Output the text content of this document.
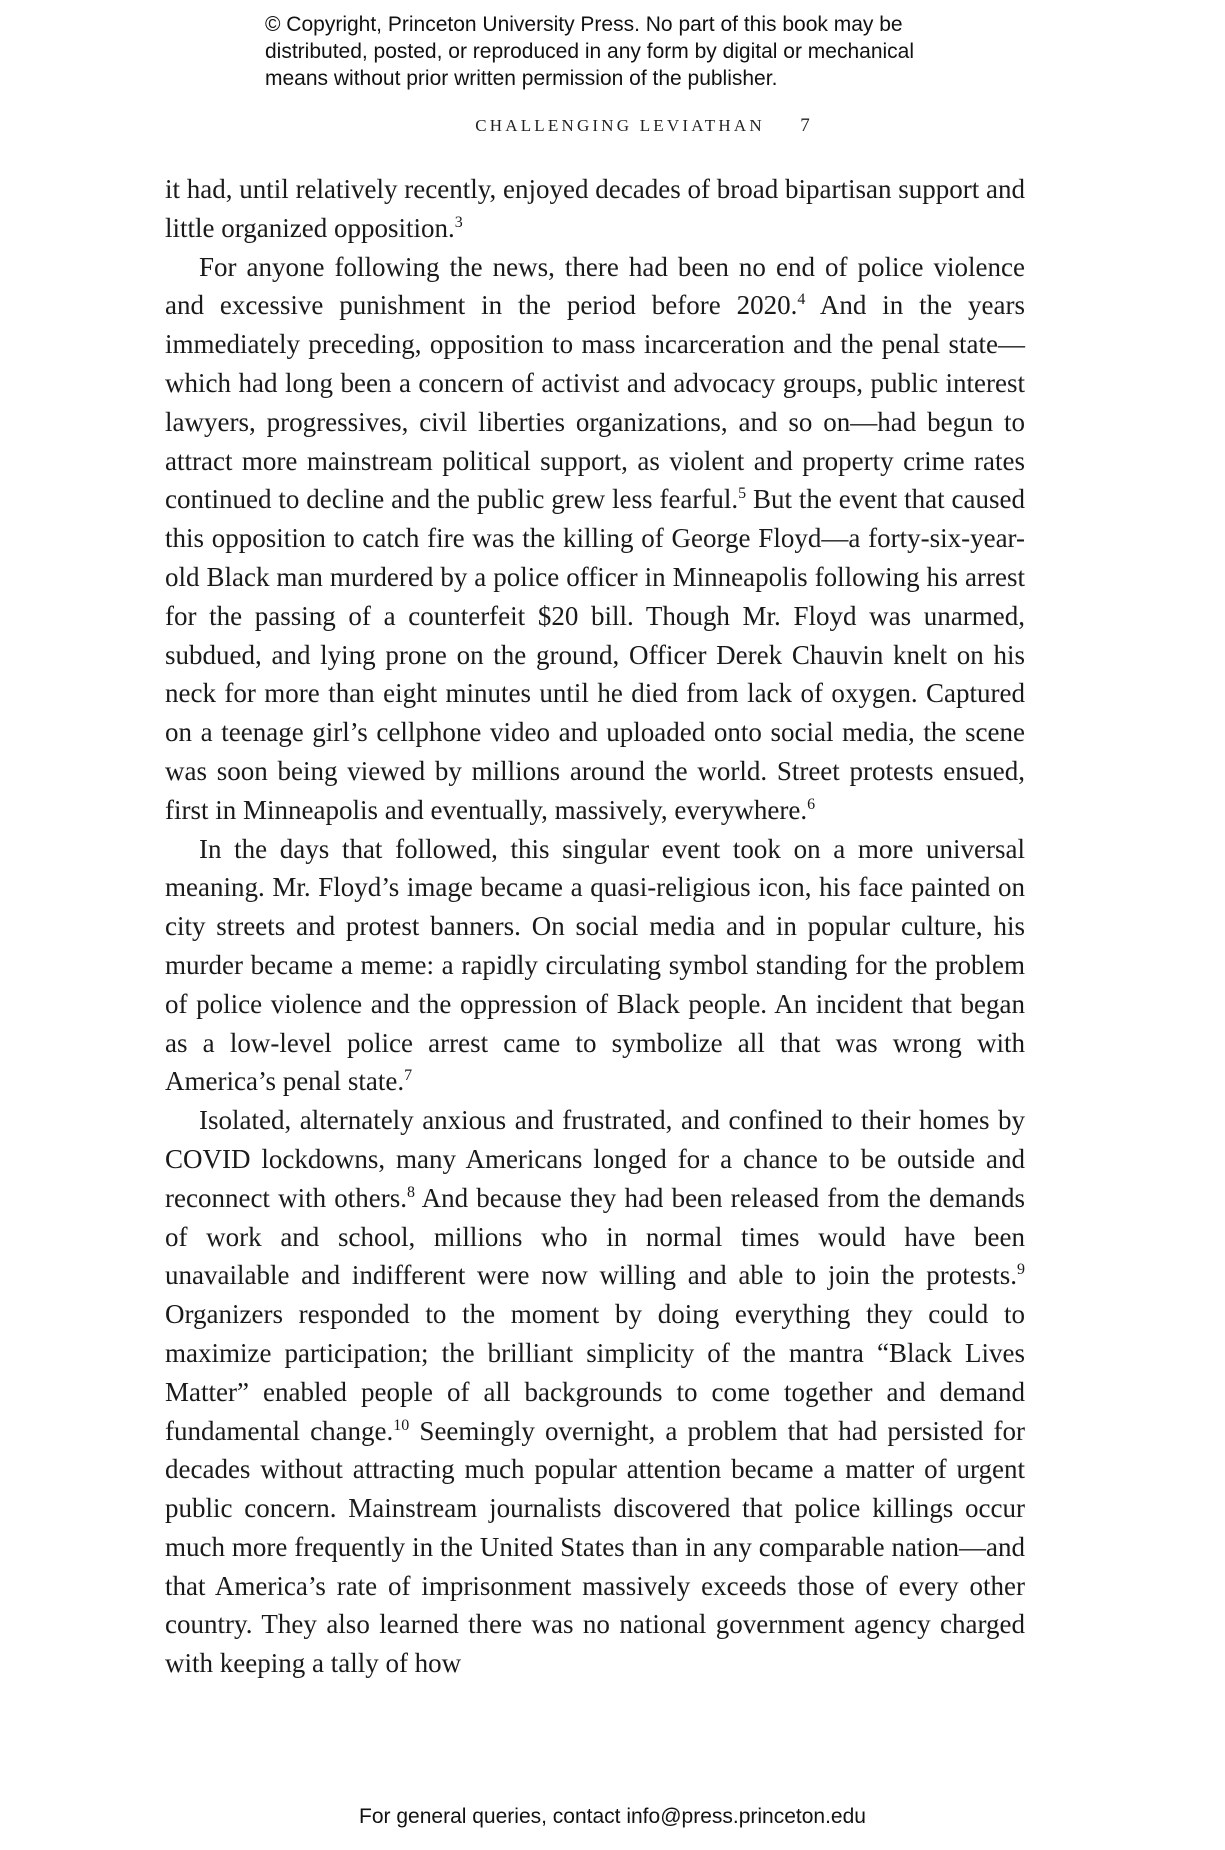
© Copyright, Princeton University Press. No part of this book may be
distributed, posted, or reproduced in any form by digital or mechanical
means without prior written permission of the publisher.
CHALLENGING LEVIATHAN 7

it had, until relatively recently, enjoyed decades of broad bipartisan support and little organized opposition.$^3$

For anyone following the news, there had been no end of police violence and excessive punishment in the period before 2020.$^4$ And in the years immediately preceding, opposition to mass incarceration and the penal state—which had long been a concern of activist and advocacy groups, public interest lawyers, progressives, civil liberties organizations, and so on—had begun to attract more mainstream political support, as violent and property crime rates continued to decline and the public grew less fearful.$^5$ But the event that caused this opposition to catch fire was the killing of George Floyd—a forty-six-year-old Black man murdered by a police officer in Minneapolis following his arrest for the passing of a counterfeit $20 bill. Though Mr. Floyd was unarmed, subdued, and lying prone on the ground, Officer Derek Chauvin knelt on his neck for more than eight minutes until he died from lack of oxygen. Captured on a teenage girl’s cellphone video and uploaded onto social media, the scene was soon being viewed by millions around the world. Street protests ensued, first in Minneapolis and eventually, massively, everywhere.$^6$

In the days that followed, this singular event took on a more universal meaning. Mr. Floyd’s image became a quasi-religious icon, his face painted on city streets and protest banners. On social media and in popular culture, his murder became a meme: a rapidly circulating symbol standing for the problem of police violence and the oppression of Black people. An incident that began as a low-level police arrest came to symbolize all that was wrong with America’s penal state.$^7$

Isolated, alternately anxious and frustrated, and confined to their homes by COVID lockdowns, many Americans longed for a chance to be outside and reconnect with others.$^8$ And because they had been released from the demands of work and school, millions who in normal times would have been unavailable and indifferent were now willing and able to join the protests.$^9$ Organizers responded to the moment by doing everything they could to maximize participation; the brilliant simplicity of the mantra “Black Lives Matter” enabled people of all backgrounds to come together and demand fundamental change.$^{10}$ Seemingly overnight, a problem that had persisted for decades without attracting much popular attention became a matter of urgent public concern. Mainstream journalists discovered that police killings occur much more frequently in the United States than in any comparable nation—and that America’s rate of imprisonment massively exceeds those of every other country. They also learned there was no national government agency charged with keeping a tally of how

For general queries, contact info@press.princeton.edu
